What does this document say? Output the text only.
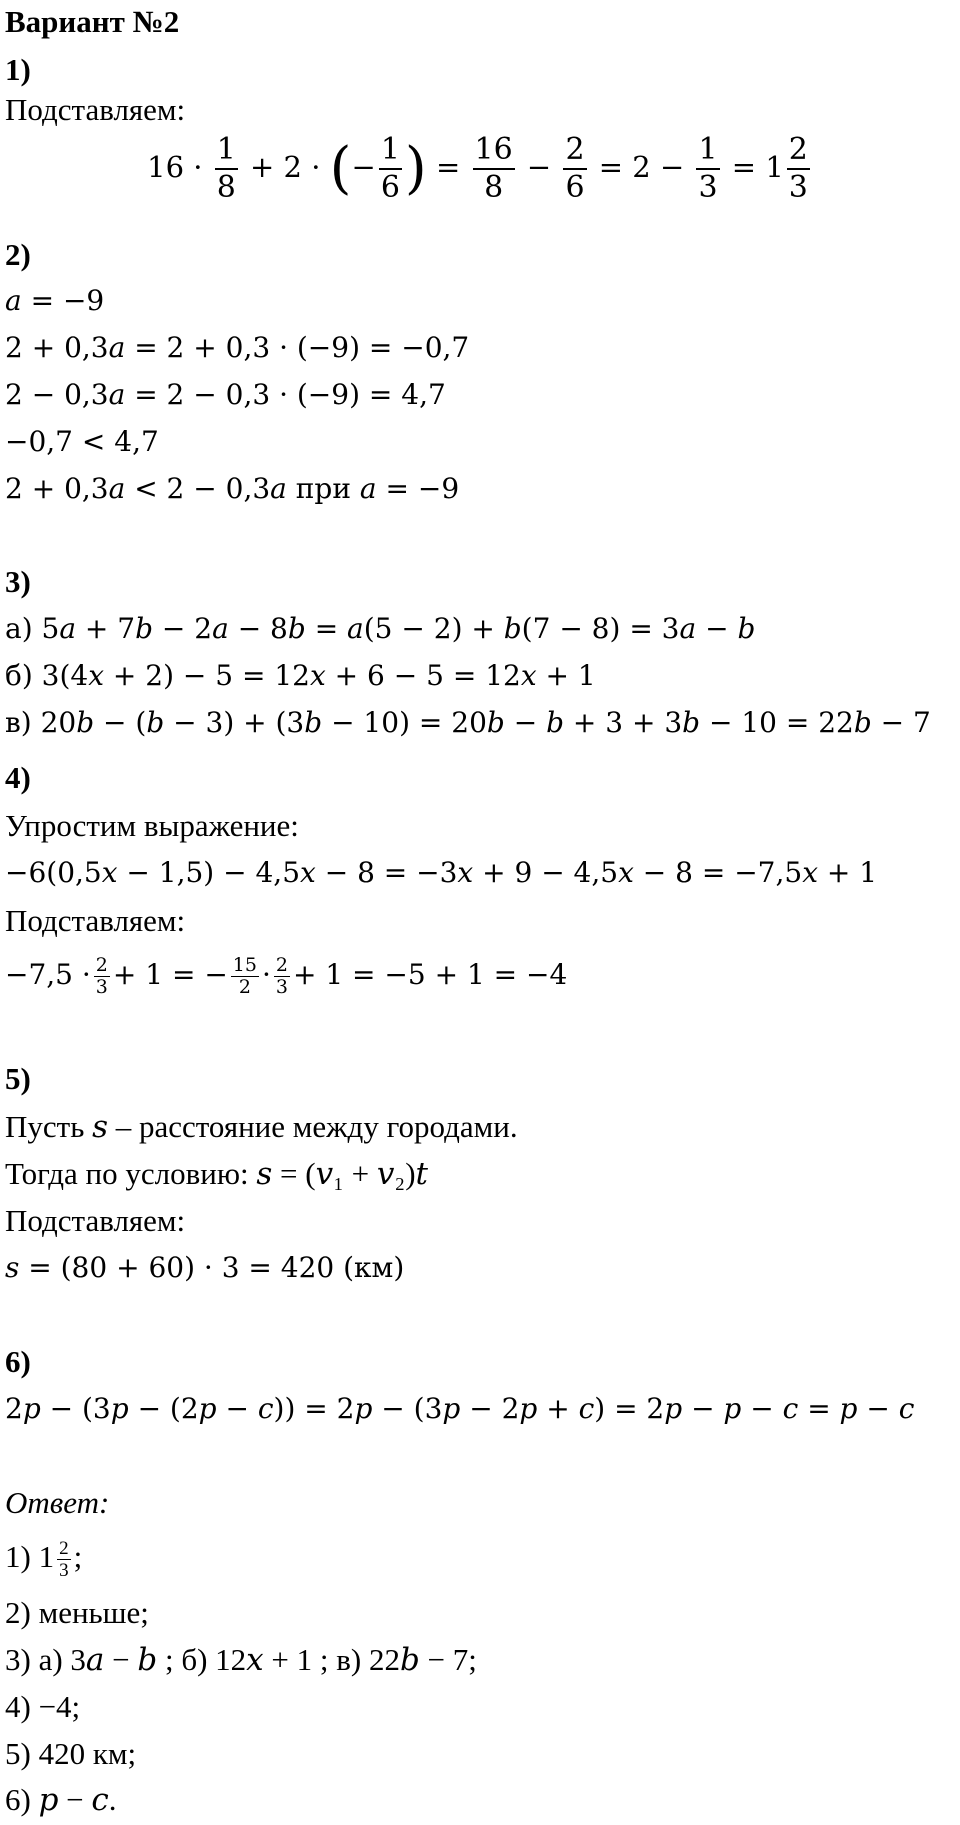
Вариант №2
1)
Подставляем:
$16 \cdot \frac{1}{8} + 2$ · (− $\frac{1}{6}$ ) = $\frac{16}{8} - \frac{2}{6} = 2 - \frac{1}{3} = 1 \frac{2}{3}$
2)
𝑎 = −9
2 + 0,3𝑎 = 2 + 0,3 · (−9) = −0,7
2 − 0,3𝑎 = 2 − 0,3 · (−9) = 4,7
−0,7 < 4,7
2 + 0,3𝑎 < 2 − 0,3𝑎 при 𝑎 = −9
3)
а) 5𝑎 + 7𝑏 − 2𝑎 − 8𝑏 = 𝑎(5 − 2) + 𝑏(7 − 8) = 3𝑎 − 𝑏
б) 3(4𝑥 + 2) − 5 = 12𝑥 + 6 − 5 = 12𝑥 + 1
в) 20𝑏 − (𝑏 − 3) + (3𝑏 − 10) = 20𝑏 − 𝑏 + 3 + 3𝑏 − 10 = 22𝑏 − 7
4)
Упростим выражение:
−6(0,5𝑥 − 1,5) − 4,5𝑥 − 8 = −3𝑥 + 9 − 4,5𝑥 − 8 = −7,5𝑥 + 1
Подставляем:
$-7,5 \cdot \frac{2}{3} + 1$ = − $\frac{15}{2} \cdot \frac{2}{3} + 1 = -5 + 1 = -4$
5)
Пусть 𝑠 – расстояние между городами.
Тогда по условию: 𝑠 = (𝑣₁ + 𝑣₂)𝑡
Подставляем:
𝑠 = (80 + 60) · 3 = 420 (км)
6)
2𝑝 − (3𝑝 − (2𝑝 − 𝑐)) = 2𝑝 − (3𝑝 − 2𝑝 + 𝑐) = 2𝑝 − 𝑝 − 𝑐 = 𝑝 − 𝑐
Ответ:
1) $1 \frac{2}{3}$ ;
2) меньше;
3) а) 3𝑎 − 𝑏 ; б) 12𝑥 + 1 ; в) 22𝑏 − 7;
4) −4;
5) 420 км;
6) 𝑝 − 𝑐.
